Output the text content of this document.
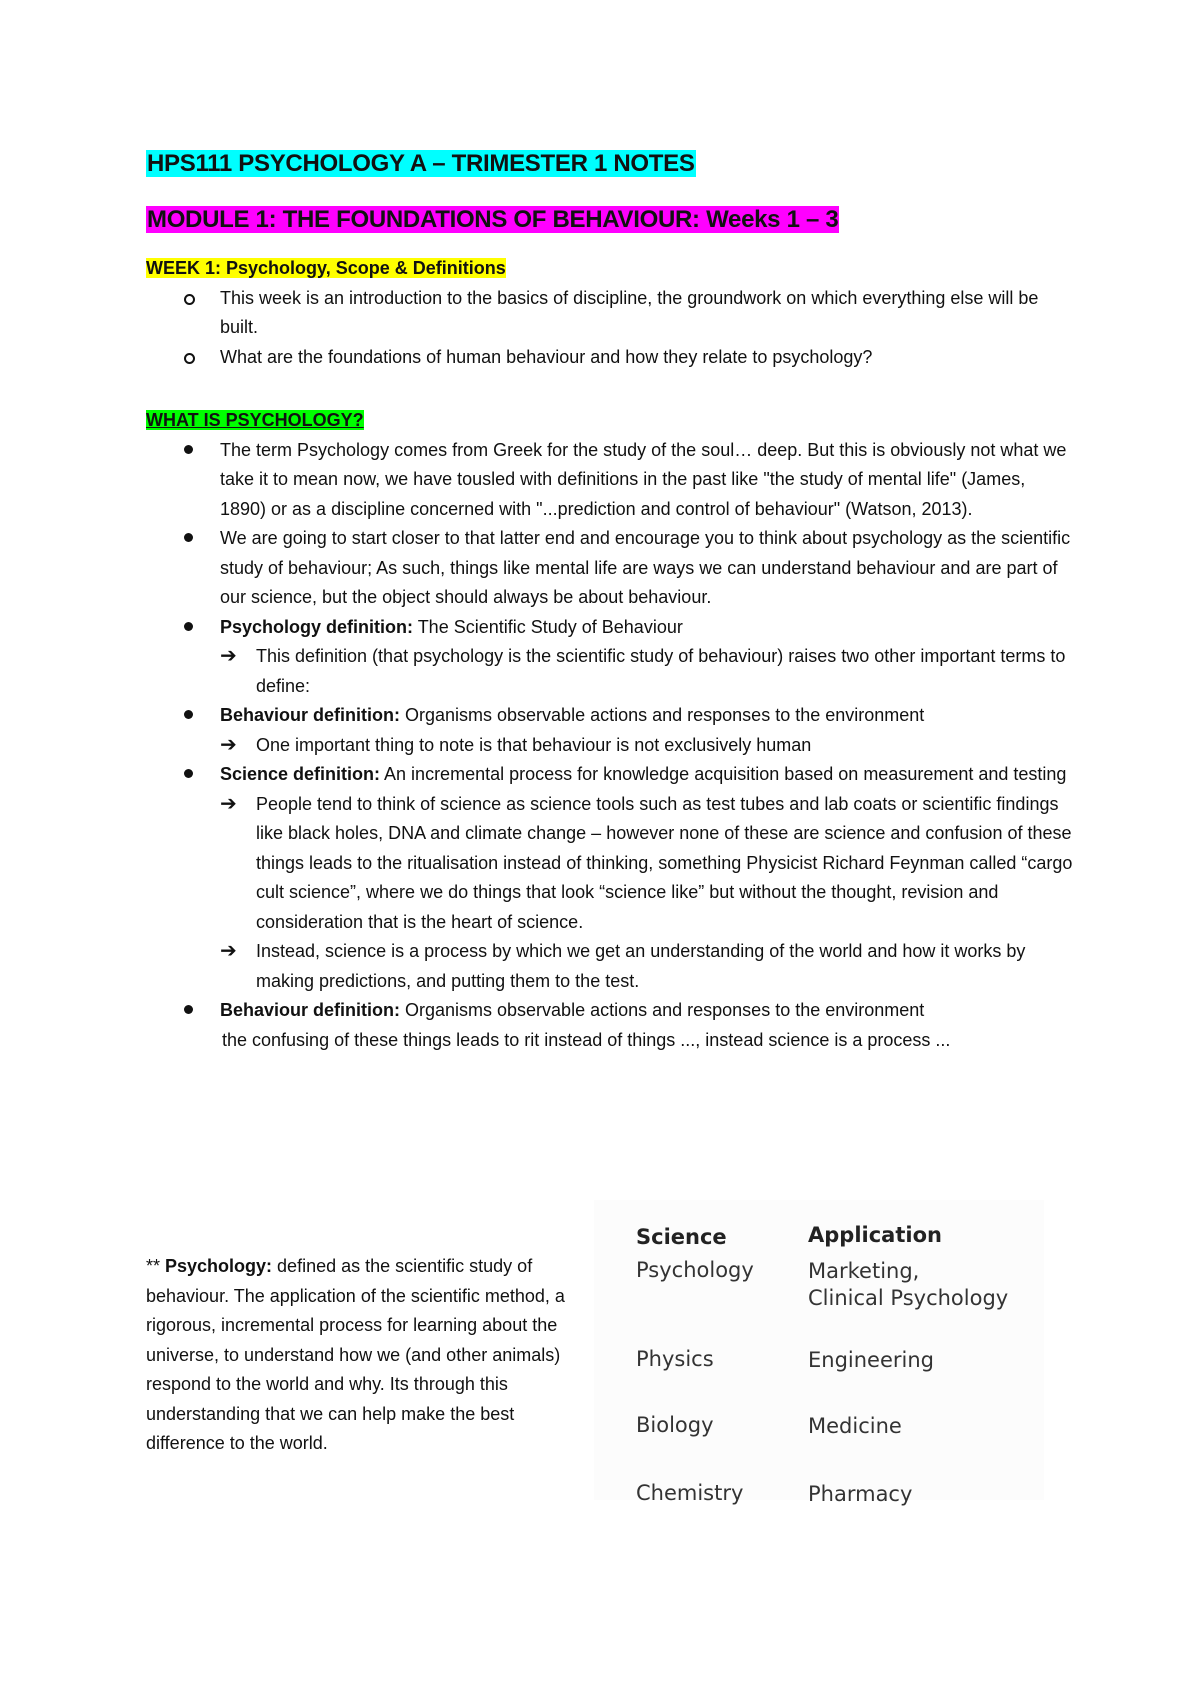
HPS111 PSYCHOLOGY A – TRIMESTER 1 NOTES
MODULE 1: THE FOUNDATIONS OF BEHAVIOUR: Weeks 1 – 3
WEEK 1: Psychology, Scope & Definitions
This week is an introduction to the basics of discipline, the groundwork on which everything else will be built.
What are the foundations of human behaviour and how they relate to psychology?
WHAT IS PSYCHOLOGY?
The term Psychology comes from Greek for the study of the soul… deep. But this is obviously not what we take it to mean now, we have tousled with definitions in the past like "the study of mental life" (James, 1890) or as a discipline concerned with "...prediction and control of behaviour" (Watson, 2013).
We are going to start closer to that latter end and encourage you to think about psychology as the scientific study of behaviour; As such, things like mental life are ways we can understand behaviour and are part of our science, but the object should always be about behaviour.
Psychology definition: The Scientific Study of Behaviour
➔ This definition (that psychology is the scientific study of behaviour) raises two other important terms to define:
Behaviour definition: Organisms observable actions and responses to the environment
➔ One important thing to note is that behaviour is not exclusively human
Science definition: An incremental process for knowledge acquisition based on measurement and testing
➔ People tend to think of science as science tools such as test tubes and lab coats or scientific findings like black holes, DNA and climate change – however none of these are science and confusion of these things leads to the ritualisation instead of thinking, something Physicist Richard Feynman called “cargo cult science”, where we do things that look “science like” but without the thought, revision and consideration that is the heart of science.
➔ Instead, science is a process by which we get an understanding of the world and how it works by making predictions, and putting them to the test.
Behaviour definition: Organisms observable actions and responses to the environment
the confusing of these things leads to rit instead of things ..., instead science is a process ...
** Psychology: defined as the scientific study of behaviour. The application of the scientific method, a rigorous, incremental process for learning about the universe, to understand how we (and other animals) respond to the world and why. Its through this understanding that we can help make the best difference to the world.
Science	Application
Psychology	Marketing,
Clinical Psychology
Physics	Engineering
Biology	Medicine
Chemistry	Pharmacy
